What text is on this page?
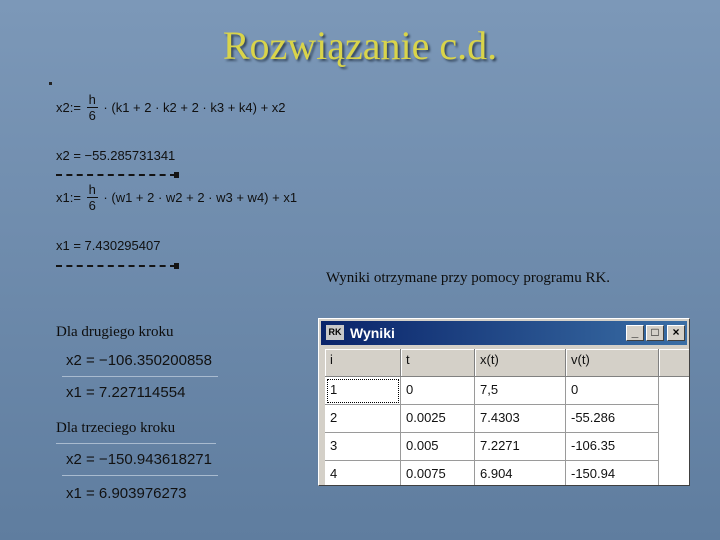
Rozwiązanie c.d.
x2:= $\frac{h}{6} \cdot (k1 + 2 \cdot k2 + 2 \cdot k3 + k4) + x2$
x2 = −55.285731341
x1:= $\frac{h}{6} \cdot (w1 + 2 \cdot w2 + 2 \cdot w3 + w4) + x1$
x1 = 7.430295407
Wyniki otrzymane przy pomocy programu RK.
Dla drugiego kroku
x2 = −106.350200858
x1 = 7.227114554
Dla trzeciego kroku
x2 = −150.943618271
x1 = 6.903976273
RK Wyniki	_	□	×
i	t	x(t)	v(t)
1	0	7,5	0
2	0.0025	7.4303	-55.286
3	0.005	7.2271	-106.35
4	0.0075	6.904	-150.94
